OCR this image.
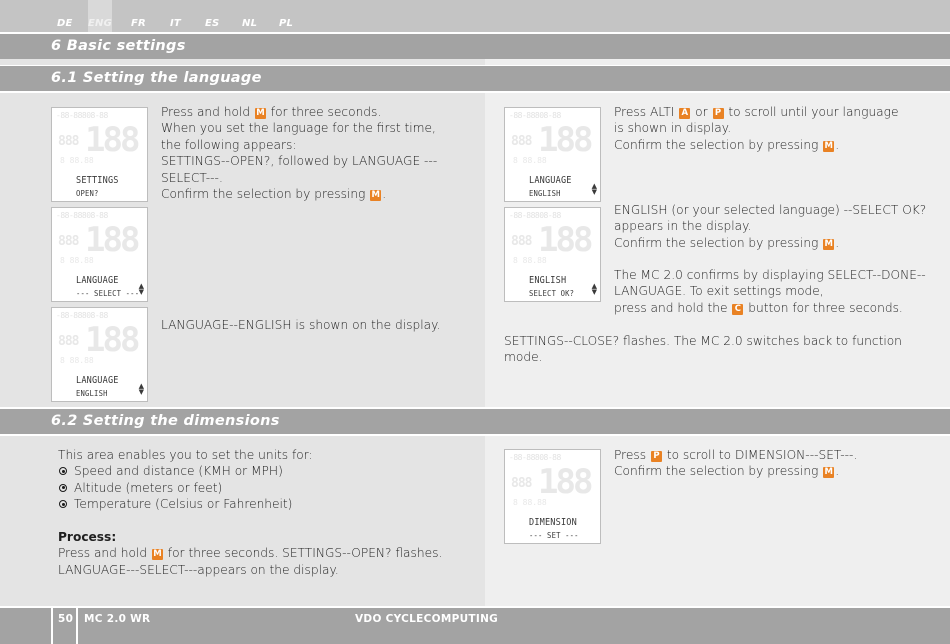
DE ENG FR IT ES NL PL
6 Basic settings
6.1 Setting the language
-88-88808-88
888 188
8 88.88
SETTINGS
OPEN?
-88-88808-88
888 188
8 88.88
LANGUAGE
--- SELECT ---
▲
▼
-88-88808-88
888 188
8 88.88
LANGUAGE
ENGLISH
▲
▼
Press and hold M for three seconds.
When you set the language for the first time,
the following appears:
SETTINGS--OPEN?, followed by LANGUAGE ---SELECT---.
Confirm the selection by pressing M .
LANGUAGE--ENGLISH is shown on the display.
-88-88808-88
888 188
8 88.88
LANGUAGE
ENGLISH
▲
▼
-88-88808-88
888 188
8 88.88
ENGLISH
SELECT OK?
▲
▼
Press ALTI A or P to scroll until your language
is shown in display.
Confirm the selection by pressing M .
ENGLISH (or your selected language) --SELECT OK?
appears in the display.
Confirm the selection by pressing M .
The MC 2.0 confirms by displaying SELECT--DONE--
LANGUAGE. To exit settings mode,
press and hold the C button for three seconds.
SETTINGS--CLOSE? flashes. The MC 2.0 switches back to function mode.
6.2 Setting the dimensions
This area enables you to set the units for:
Speed and distance (KMH or MPH)
Altitude (meters or feet)
Temperature (Celsius or Fahrenheit)
Process:
Press and hold M for three seconds. SETTINGS--OPEN? flashes.
LANGUAGE---SELECT---appears on the display.
-88-88808-88
888 188
8 88.88
DIMENSION
--- SET ---
Press P to scroll to DIMENSION---SET---.
Confirm the selection by pressing M .
50 MC 2.0 WR	VDO CYCLECOMPUTING
